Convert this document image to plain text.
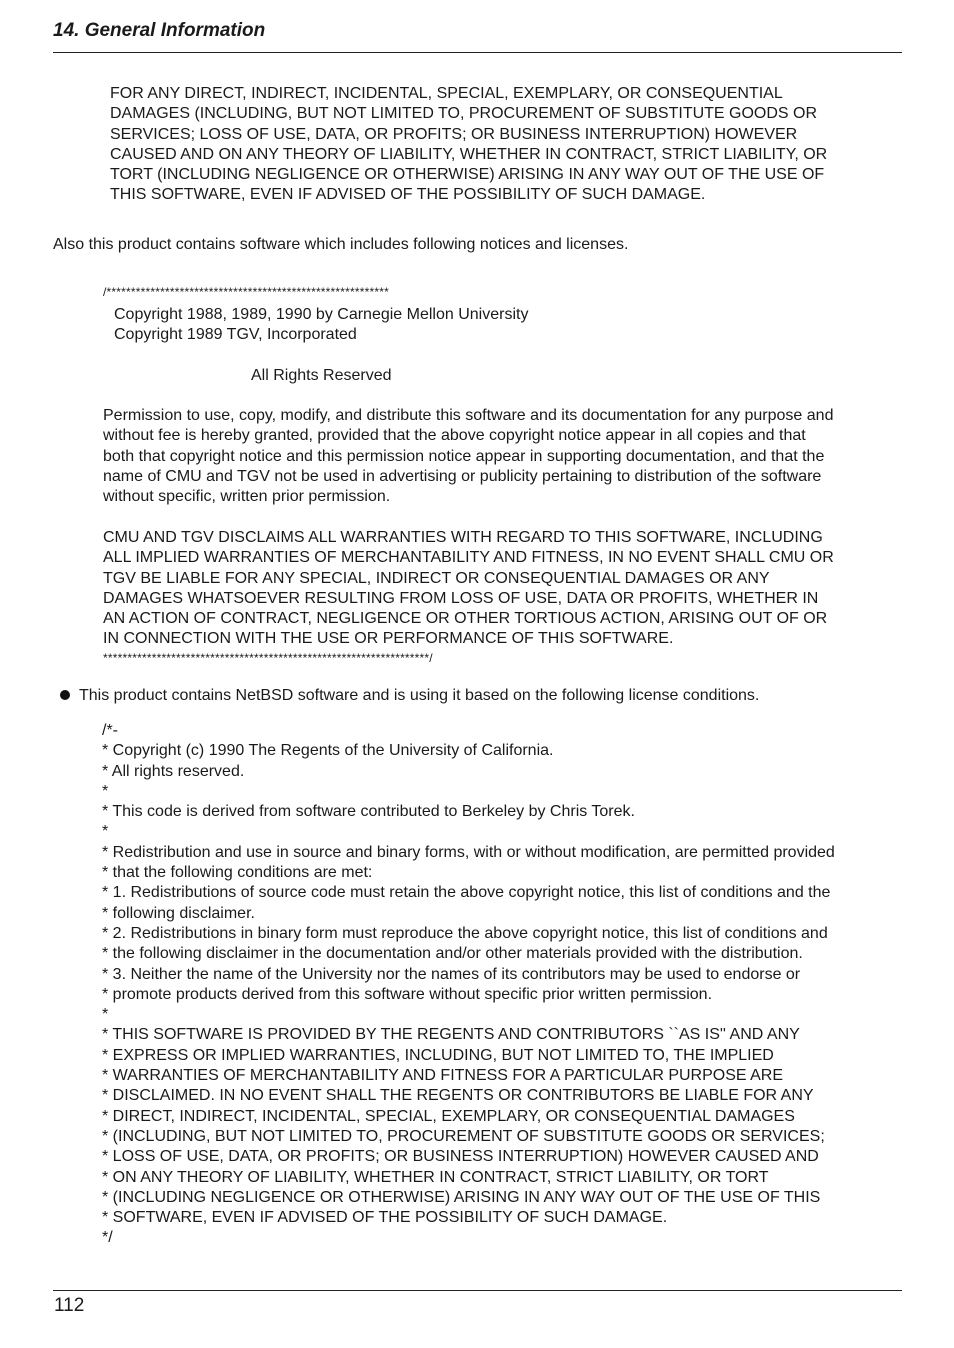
14. General Information
FOR ANY DIRECT, INDIRECT, INCIDENTAL, SPECIAL, EXEMPLARY, OR CONSEQUENTIAL
DAMAGES (INCLUDING, BUT NOT LIMITED TO, PROCUREMENT OF SUBSTITUTE GOODS OR
SERVICES; LOSS OF USE, DATA, OR PROFITS; OR BUSINESS INTERRUPTION) HOWEVER
CAUSED AND ON ANY THEORY OF LIABILITY, WHETHER IN CONTRACT, STRICT LIABILITY, OR
TORT (INCLUDING NEGLIGENCE OR OTHERWISE) ARISING IN ANY WAY OUT OF THE USE OF
THIS SOFTWARE, EVEN IF ADVISED OF THE POSSIBILITY OF SUCH DAMAGE.
Also this product contains software which includes following notices and licenses.
/**********************************************************
Copyright 1988, 1989, 1990 by Carnegie Mellon University
Copyright 1989 TGV, Incorporated
All Rights Reserved
Permission to use, copy, modify, and distribute this software and its documentation for any purpose and
without fee is hereby granted, provided that the above copyright notice appear in all copies and that
both that copyright notice and this permission notice appear in supporting documentation, and that the
name of CMU and TGV not be used in advertising or publicity pertaining to distribution of the software
without specific, written prior permission.
CMU AND TGV DISCLAIMS ALL WARRANTIES WITH REGARD TO THIS SOFTWARE, INCLUDING
ALL IMPLIED WARRANTIES OF MERCHANTABILITY AND FITNESS, IN NO EVENT SHALL CMU OR
TGV BE LIABLE FOR ANY SPECIAL, INDIRECT OR CONSEQUENTIAL DAMAGES OR ANY
DAMAGES WHATSOEVER RESULTING FROM LOSS OF USE, DATA OR PROFITS, WHETHER IN
AN ACTION OF CONTRACT, NEGLIGENCE OR OTHER TORTIOUS ACTION, ARISING OUT OF OR
IN CONNECTION WITH THE USE OR PERFORMANCE OF THIS SOFTWARE.
*******************************************************************/
This product contains NetBSD software and is using it based on the following license conditions.
/*-
* Copyright (c) 1990 The Regents of the University of California.
* All rights reserved.
*
* This code is derived from software contributed to Berkeley by Chris Torek.
*
* Redistribution and use in source and binary forms, with or without modification, are permitted provided
* that the following conditions are met:
* 1. Redistributions of source code must retain the above copyright notice, this list of conditions and the
* following disclaimer.
* 2. Redistributions in binary form must reproduce the above copyright notice, this list of conditions and
* the following disclaimer in the documentation and/or other materials provided with the distribution.
* 3. Neither the name of the University nor the names of its contributors may be used to endorse or
* promote products derived from this software without specific prior written permission.
*
* THIS SOFTWARE IS PROVIDED BY THE REGENTS AND CONTRIBUTORS ``AS IS'' AND ANY
* EXPRESS OR IMPLIED WARRANTIES, INCLUDING, BUT NOT LIMITED TO, THE IMPLIED
* WARRANTIES OF MERCHANTABILITY AND FITNESS FOR A PARTICULAR PURPOSE ARE
* DISCLAIMED. IN NO EVENT SHALL THE REGENTS OR CONTRIBUTORS BE LIABLE FOR ANY
* DIRECT, INDIRECT, INCIDENTAL, SPECIAL, EXEMPLARY, OR CONSEQUENTIAL DAMAGES
* (INCLUDING, BUT NOT LIMITED TO, PROCUREMENT OF SUBSTITUTE GOODS OR SERVICES;
* LOSS OF USE, DATA, OR PROFITS; OR BUSINESS INTERRUPTION) HOWEVER CAUSED AND
* ON ANY THEORY OF LIABILITY, WHETHER IN CONTRACT, STRICT LIABILITY, OR TORT
* (INCLUDING NEGLIGENCE OR OTHERWISE) ARISING IN ANY WAY OUT OF THE USE OF THIS
* SOFTWARE, EVEN IF ADVISED OF THE POSSIBILITY OF SUCH DAMAGE.
*/
112
